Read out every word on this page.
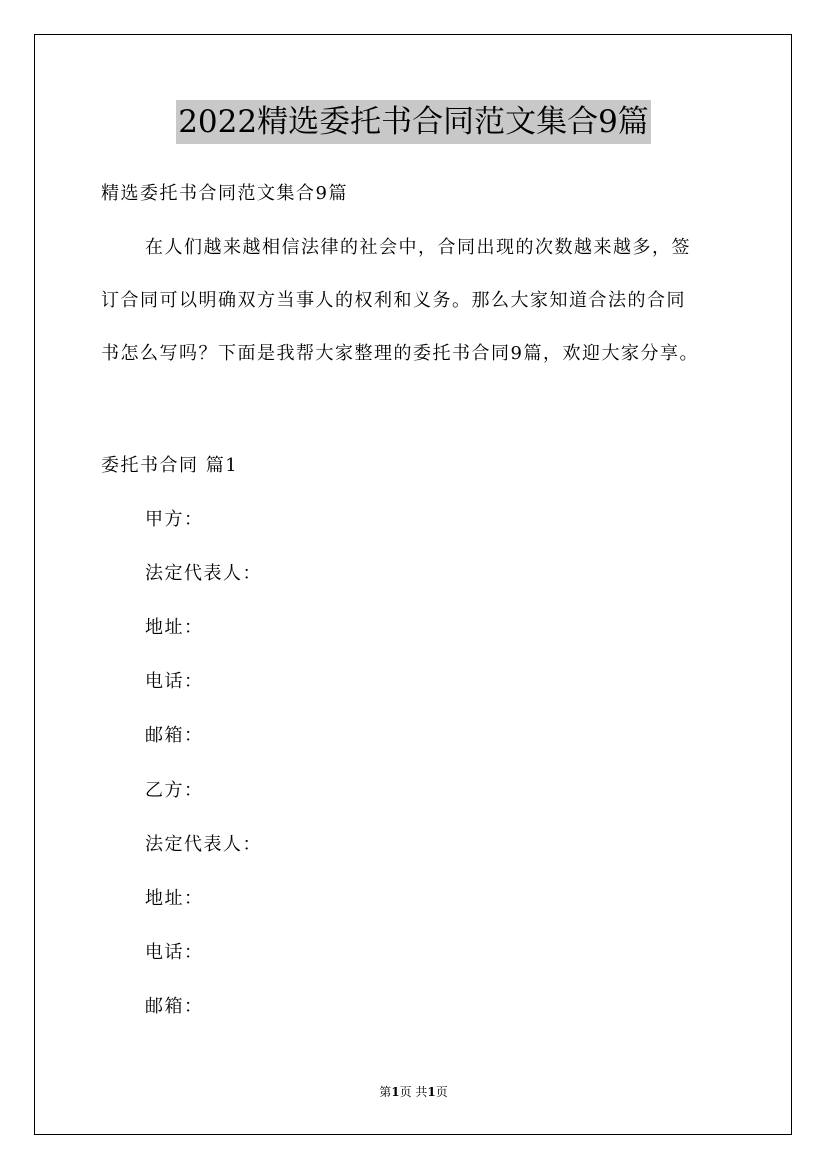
2022精选委托书合同范文集合9篇
精选委托书合同范文集合9篇
在人们越来越相信法律的社会中，合同出现的次数越来越多，签
订合同可以明确双方当事人的权利和义务。那么大家知道合法的合同
书怎么写吗？下面是我帮大家整理的委托书合同9篇，欢迎大家分享。
委托书合同 篇1
甲方：
法定代表人：
地址：
电话：
邮箱：
乙方：
法定代表人：
地址：
电话：
邮箱：
第1页 共1页
